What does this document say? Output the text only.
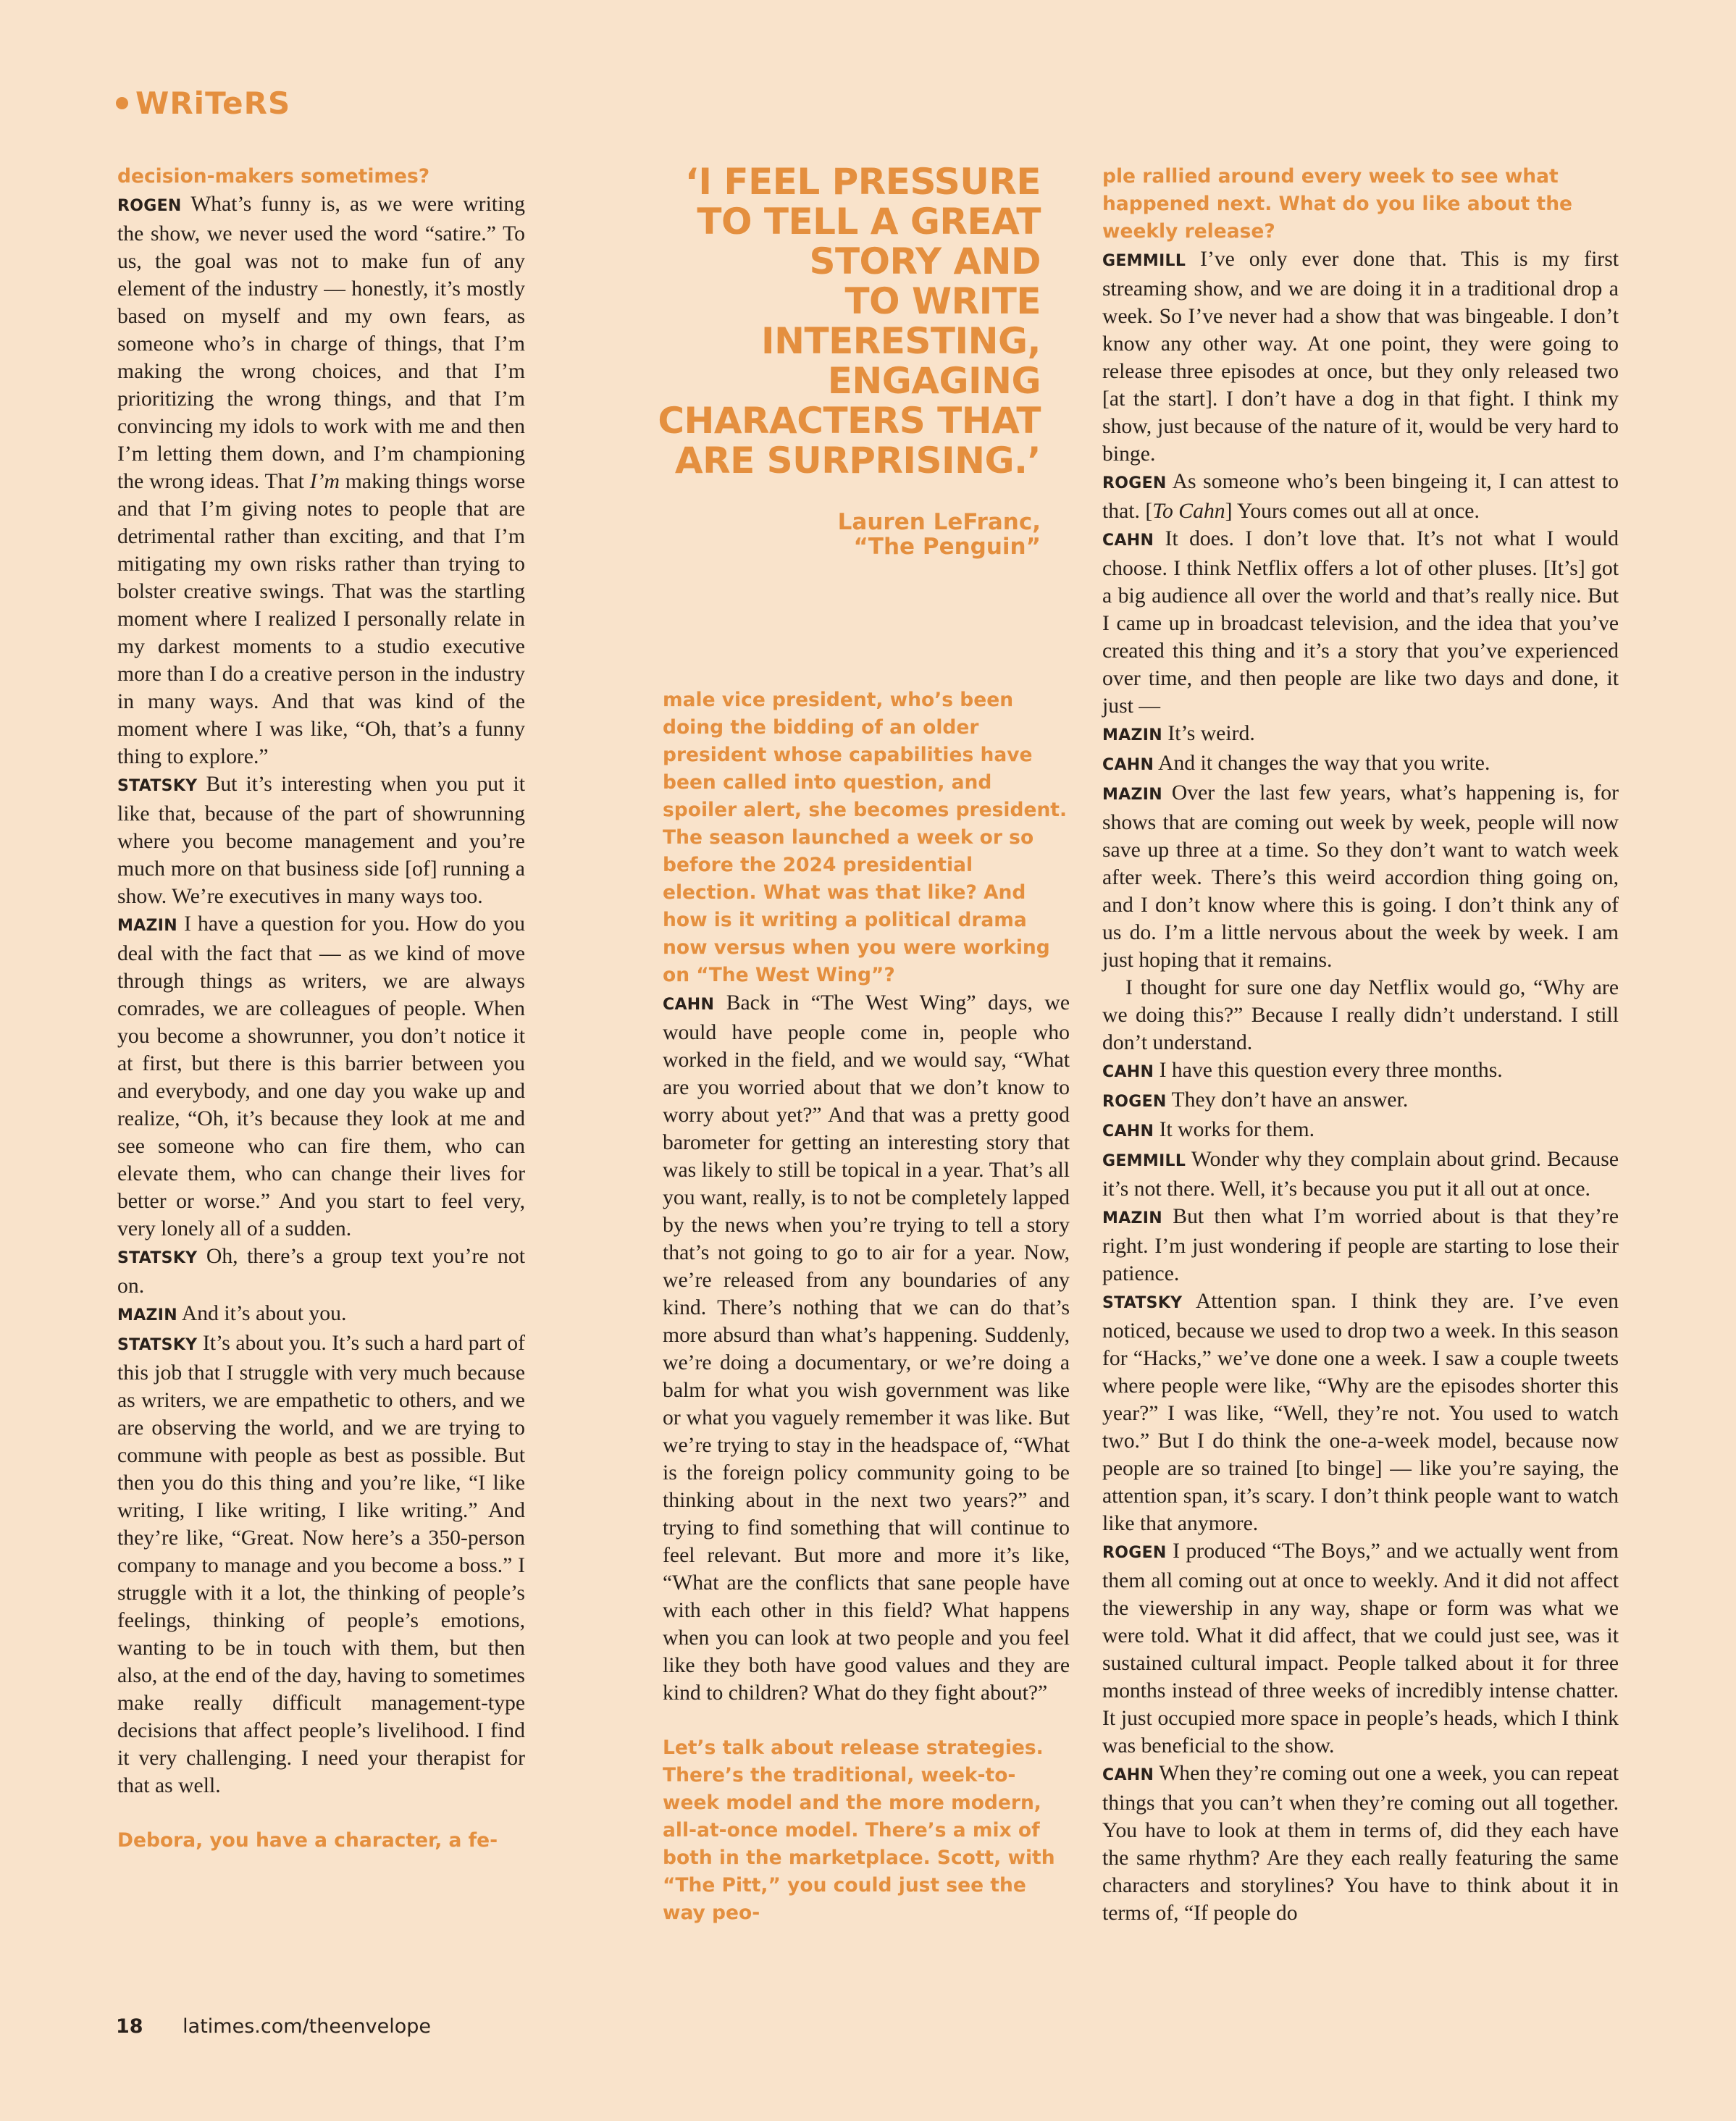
WRiTeRS

decision-makers sometimes?

ROGEN What’s funny is, as we were writing the show, we never used the word “satire.” To us, the goal was not to make fun of any element of the industry — honestly, it’s mostly based on myself and my own fears, as someone who’s in charge of things, that I’m making the wrong choices, and that I’m prioritizing the wrong things, and that I’m convincing my idols to work with me and then I’m letting them down, and I’m championing the wrong ideas. That I’m making things worse and that I’m giving notes to people that are detrimental rather than exciting, and that I’m mitigating my own risks rather than trying to bolster creative swings. That was the startling moment where I realized I personally relate in my darkest moments to a studio executive more than I do a creative person in the industry in many ways. And that was kind of the moment where I was like, “Oh, that’s a funny thing to explore.”

STATSKY But it’s interesting when you put it like that, because of the part of showrunning where you become management and you’re much more on that business side [of] running a show. We’re executives in many ways too.

MAZIN I have a question for you. How do you deal with the fact that — as we kind of move through things as writers, we are always comrades, we are colleagues of people. When you become a showrunner, you don’t notice it at first, but there is this barrier between you and everybody, and one day you wake up and realize, “Oh, it’s because they look at me and see someone who can fire them, who can elevate them, who can change their lives for better or worse.” And you start to feel very, very lonely all of a sudden.

STATSKY Oh, there’s a group text you’re not on.

MAZIN And it’s about you.

STATSKY It’s about you. It’s such a hard part of this job that I struggle with very much because as writers, we are empathetic to others, and we are observing the world, and we are trying to commune with people as best as possible. But then you do this thing and you’re like, “I like writing, I like writing, I like writing.” And they’re like, “Great. Now here’s a 350-person company to manage and you become a boss.” I struggle with it a lot, the thinking of people’s feelings, thinking of people’s emotions, wanting to be in touch with them, but then also, at the end of the day, having to sometimes make really difficult management-type decisions that affect people’s livelihood. I find it very challenging. I need your therapist for that as well.

Debora, you have a character, a fe-

‘I FEEL PRESSURE
TO TELL A GREAT
STORY AND
TO WRITE
INTERESTING,
ENGAGING
CHARACTERS THAT
ARE SURPRISING.’
Lauren LeFranc,
“The Penguin”

male vice president, who’s been doing the bidding of an older president whose capabilities have been called into question, and spoiler alert, she becomes president. The season launched a week or so before the 2024 presidential election. What was that like? And how is it writing a political drama now versus when you were working on “The West Wing”?

CAHN Back in “The West Wing” days, we would have people come in, people who worked in the field, and we would say, “What are you worried about that we don’t know to worry about yet?” And that was a pretty good barometer for getting an interesting story that was likely to still be topical in a year. That’s all you want, really, is to not be completely lapped by the news when you’re trying to tell a story that’s not going to go to air for a year. Now, we’re released from any boundaries of any kind. There’s nothing that we can do that’s more absurd than what’s happening. Suddenly, we’re doing a documentary, or we’re doing a balm for what you wish government was like or what you vaguely remember it was like. But we’re trying to stay in the headspace of, “What is the foreign policy community going to be thinking about in the next two years?” and trying to find something that will continue to feel relevant. But more and more it’s like, “What are the conflicts that sane people have with each other in this field? What happens when you can look at two people and you feel like they both have good values and they are kind to children? What do they fight about?”

Let’s talk about release strategies. There’s the traditional, week-to-week model and the more modern, all-at-once model. There’s a mix of both in the marketplace. Scott, with “The Pitt,” you could just see the way peo-

ple rallied around every week to see what happened next. What do you like about the weekly release?

GEMMILL I’ve only ever done that. This is my first streaming show, and we are doing it in a traditional drop a week. So I’ve never had a show that was bingeable. I don’t know any other way. At one point, they were going to release three episodes at once, but they only released two [at the start]. I don’t have a dog in that fight. I think my show, just because of the nature of it, would be very hard to binge.

ROGEN As someone who’s been bingeing it, I can attest to that. [To Cahn] Yours comes out all at once.

CAHN It does. I don’t love that. It’s not what I would choose. I think Netflix offers a lot of other pluses. [It’s] got a big audience all over the world and that’s really nice. But I came up in broadcast television, and the idea that you’ve created this thing and it’s a story that you’ve experienced over time, and then people are like two days and done, it just —

MAZIN It’s weird.

CAHN And it changes the way that you write.

MAZIN Over the last few years, what’s happening is, for shows that are coming out week by week, people will now save up three at a time. So they don’t want to watch week after week. There’s this weird accordion thing going on, and I don’t know where this is going. I don’t think any of us do. I’m a little nervous about the week by week. I am just hoping that it remains.

I thought for sure one day Netflix would go, “Why are we doing this?” Because I really didn’t understand. I still don’t understand.

CAHN I have this question every three months.

ROGEN They don’t have an answer.

CAHN It works for them.

GEMMILL Wonder why they complain about grind. Because it’s not there. Well, it’s because you put it all out at once.

MAZIN But then what I’m worried about is that they’re right. I’m just wondering if people are starting to lose their patience.

STATSKY Attention span. I think they are. I’ve even noticed, because we used to drop two a week. In this season for “Hacks,” we’ve done one a week. I saw a couple tweets where people were like, “Why are the episodes shorter this year?” I was like, “Well, they’re not. You used to watch two.” But I do think the one-a-week model, because now people are so trained [to binge] — like you’re saying, the attention span, it’s scary. I don’t think people want to watch like that anymore.

ROGEN I produced “The Boys,” and we actually went from them all coming out at once to weekly. And it did not affect the viewership in any way, shape or form was what we were told. What it did affect, that we could just see, was it sustained cultural impact. People talked about it for three months instead of three weeks of incredibly intense chatter. It just occupied more space in people’s heads, which I think was beneficial to the show.

CAHN When they’re coming out one a week, you can repeat things that you can’t when they’re coming out all together. You have to look at them in terms of, did they each have the same rhythm? Are they each really featuring the same characters and storylines? You have to think about it in terms of, “If people do

18 latimes.com/theenvelope
